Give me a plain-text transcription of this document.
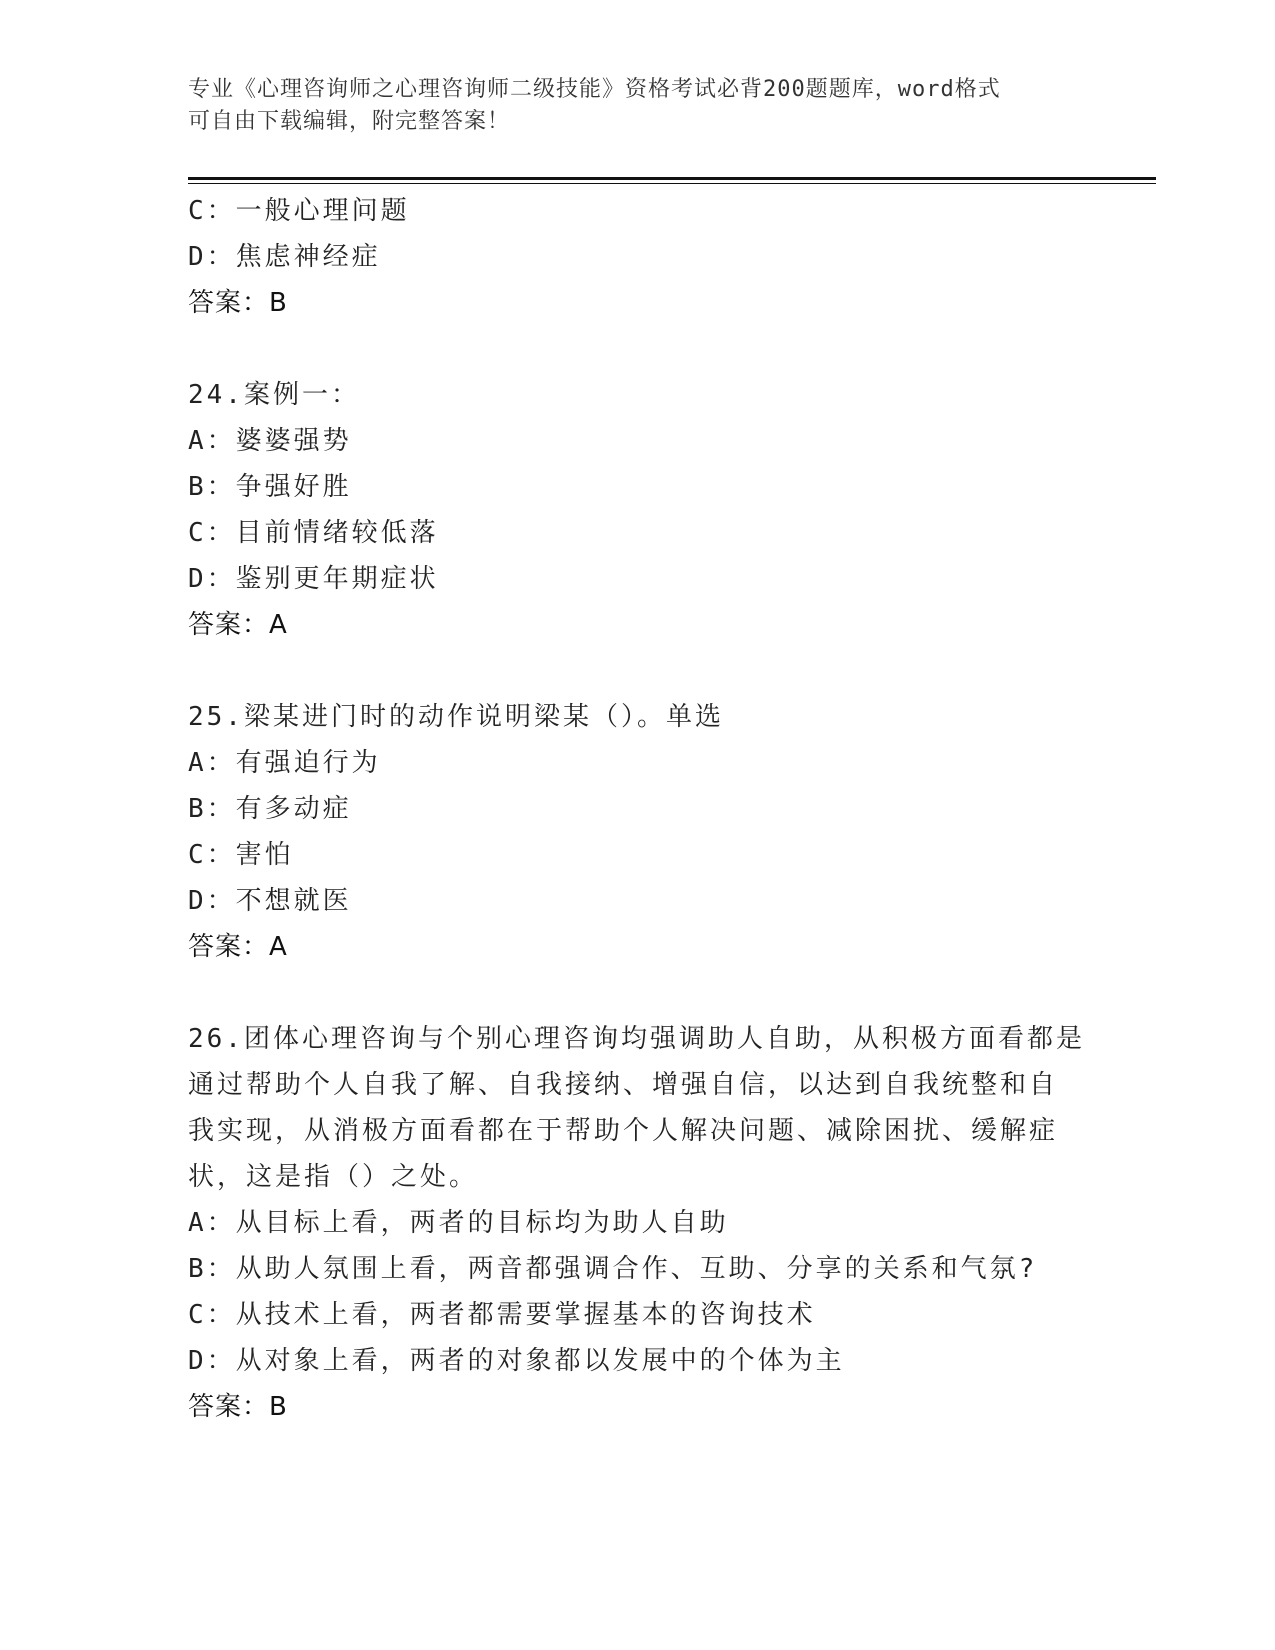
专业《心理咨询师之心理咨询师二级技能》资格考试必背200题题库，word格式
可自由下载编辑，附完整答案！
C：一般心理问题
D：焦虑神经症
答案：B
24.案例一：
A：婆婆强势
B：争强好胜
C：目前情绪较低落
D：鉴别更年期症状
答案：A
25.梁某进门时的动作说明梁某（）。单选
A：有强迫行为
B：有多动症
C：害怕
D：不想就医
答案：A
26.团体心理咨询与个别心理咨询均强调助人自助，从积极方面看都是
通过帮助个人自我了解、自我接纳、增强自信，以达到自我统整和自
我实现，从消极方面看都在于帮助个人解决问题、减除困扰、缓解症
状，这是指（）之处。
A：从目标上看，两者的目标均为助人自助
B：从助人氛围上看，两音都强调合作、互助、分享的关系和气氛?
C：从技术上看，两者都需要掌握基本的咨询技术
D：从对象上看，两者的对象都以发展中的个体为主
答案：B
